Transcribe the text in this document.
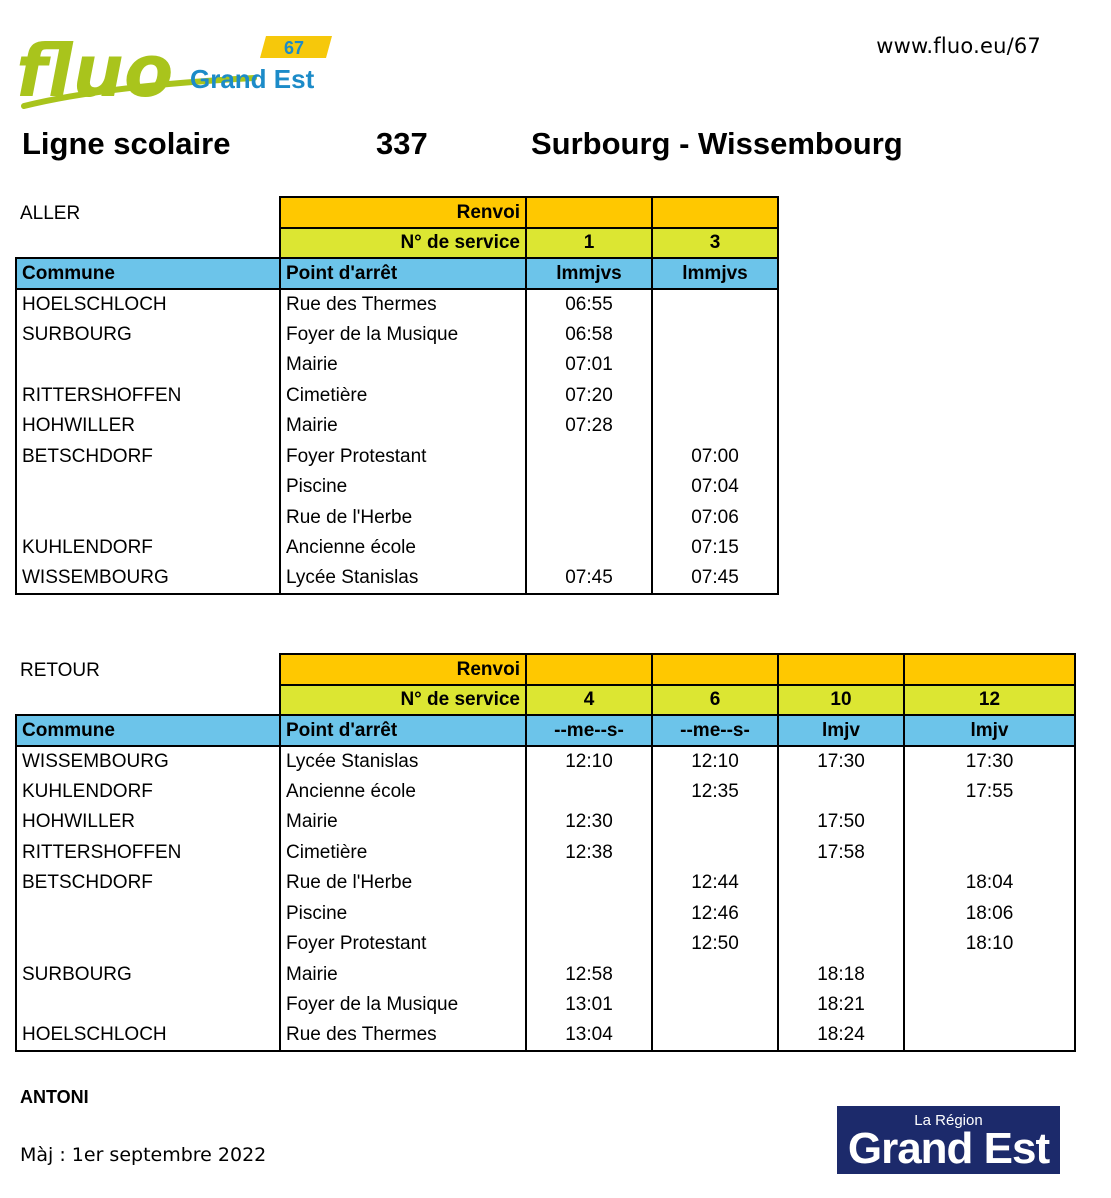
fluo	67
Grand Est
www.fluo.eu/67
Ligne scolaire	337	Surbourg - Wissembourg
ALLER
		Renvoi		
	N° de service	1	3
Commune	Point d'arrêt	lmmjvs	lmmjvs
HOELSCHLOCH	Rue des Thermes	06:55	
SURBOURG	Foyer de la Musique	06:58	
	Mairie	07:01	
RITTERSHOFFEN	Cimetière	07:20	
HOHWILLER	Mairie	07:28	
BETSCHDORF	Foyer Protestant		07:00
	Piscine		07:04
	Rue de l'Herbe		07:06
KUHLENDORF	Ancienne école		07:15
WISSEMBOURG	Lycée Stanislas	07:45	07:45
RETOUR
		Renvoi				
	N° de service	4	6	10	12
Commune	Point d'arrêt	--me--s-	--me--s-	lmjv	lmjv
WISSEMBOURG	Lycée Stanislas	12:10	12:10	17:30	17:30
KUHLENDORF	Ancienne école		12:35		17:55
HOHWILLER	Mairie	12:30		17:50	
RITTERSHOFFEN	Cimetière	12:38		17:58	
BETSCHDORF	Rue de l'Herbe		12:44		18:04
	Piscine		12:46		18:06
	Foyer Protestant		12:50		18:10
SURBOURG	Mairie	12:58		18:18	
	Foyer de la Musique	13:01		18:21	
HOELSCHLOCH	Rue des Thermes	13:04		18:24	
ANTONI
Màj : 1er septembre 2022
La Région
Grand Est
